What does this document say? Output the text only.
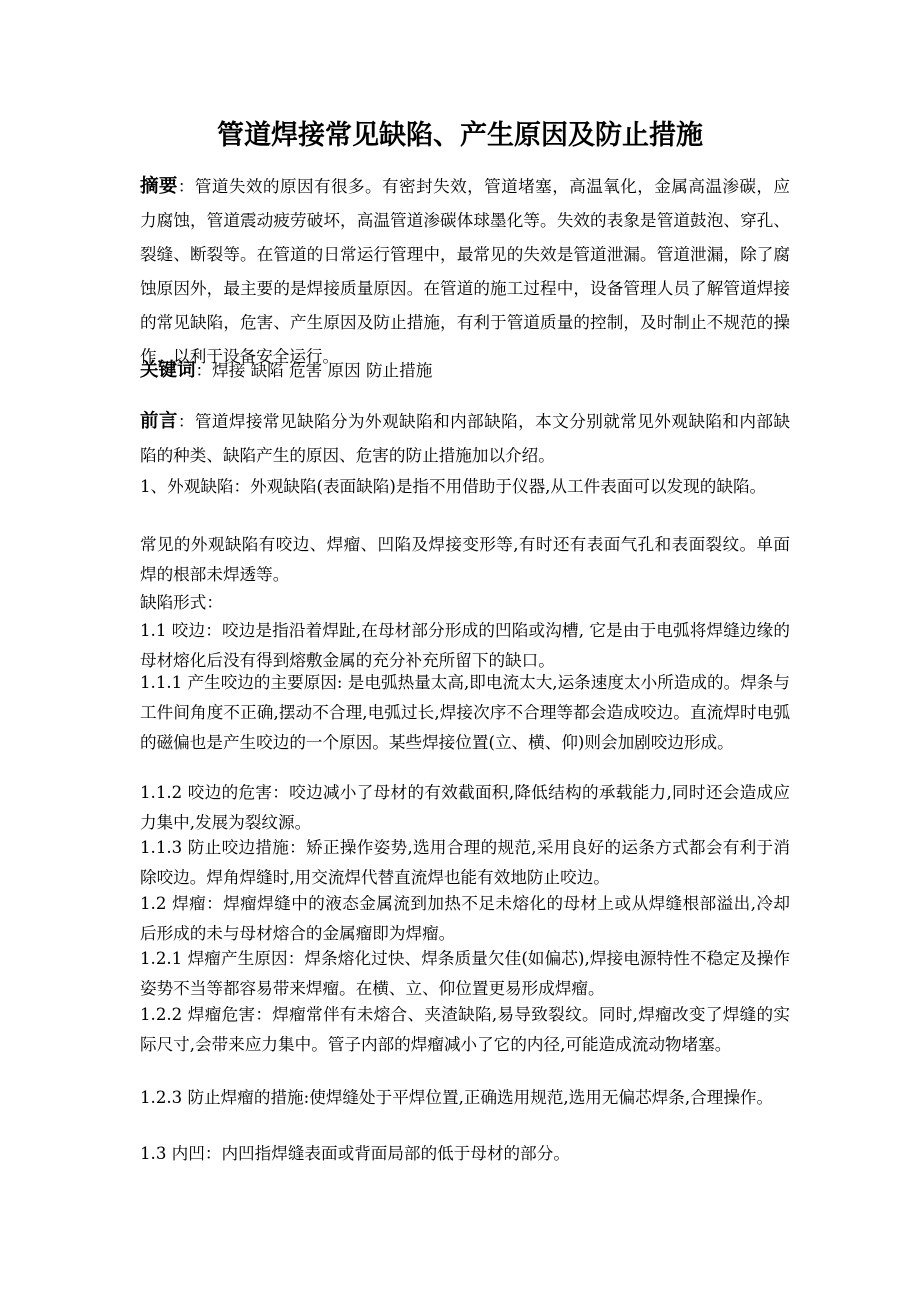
管道焊接常见缺陷、产生原因及防止措施

摘要：管道失效的原因有很多。有密封失效，管道堵塞，高温氧化，金属高温渗碳，应力腐蚀，管道震动疲劳破坏，高温管道渗碳体球墨化等。失效的表象是管道鼓泡、穿孔、裂缝、断裂等。在管道的日常运行管理中，最常见的失效是管道泄漏。管道泄漏，除了腐蚀原因外，最主要的是焊接质量原因。在管道的施工过程中，设备管理人员了解管道焊接的常见缺陷，危害、产生原因及防止措施，有利于管道质量的控制，及时制止不规范的操作，以利于设备安全运行。

关键词：焊接 缺陷 危害 原因 防止措施

前言：管道焊接常见缺陷分为外观缺陷和内部缺陷，本文分别就常见外观缺陷和内部缺陷的种类、缺陷产生的原因、危害的防止措施加以介绍。

1、外观缺陷：外观缺陷(表面缺陷)是指不用借助于仪器,从工件表面可以发现的缺陷。

常见的外观缺陷有咬边、焊瘤、凹陷及焊接变形等,有时还有表面气孔和表面裂纹。单面焊的根部未焊透等。

缺陷形式：

1.1 咬边：咬边是指沿着焊趾,在母材部分形成的凹陷或沟槽, 它是由于电弧将焊缝边缘的母材熔化后没有得到熔敷金属的充分补充所留下的缺口。

1.1.1 产生咬边的主要原因: 是电弧热量太高,即电流太大,运条速度太小所造成的。焊条与工件间角度不正确,摆动不合理,电弧过长,焊接次序不合理等都会造成咬边。直流焊时电弧的磁偏也是产生咬边的一个原因。某些焊接位置(立、横、仰)则会加剧咬边形成。

1.1.2 咬边的危害：咬边减小了母材的有效截面积,降低结构的承载能力,同时还会造成应力集中,发展为裂纹源。

1.1.3 防止咬边措施：矫正操作姿势,选用合理的规范,采用良好的运条方式都会有利于消除咬边。焊角焊缝时,用交流焊代替直流焊也能有效地防止咬边。

1.2 焊瘤：焊瘤焊缝中的液态金属流到加热不足未熔化的母材上或从焊缝根部溢出,冷却后形成的未与母材熔合的金属瘤即为焊瘤。

1.2.1 焊瘤产生原因：焊条熔化过快、焊条质量欠佳(如偏芯),焊接电源特性不稳定及操作姿势不当等都容易带来焊瘤。在横、立、仰位置更易形成焊瘤。

1.2.2 焊瘤危害：焊瘤常伴有未熔合、夹渣缺陷,易导致裂纹。同时,焊瘤改变了焊缝的实际尺寸,会带来应力集中。管子内部的焊瘤减小了它的内径,可能造成流动物堵塞。

1.2.3 防止焊瘤的措施:使焊缝处于平焊位置,正确选用规范,选用无偏芯焊条,合理操作。

1.3 内凹：内凹指焊缝表面或背面局部的低于母材的部分。
